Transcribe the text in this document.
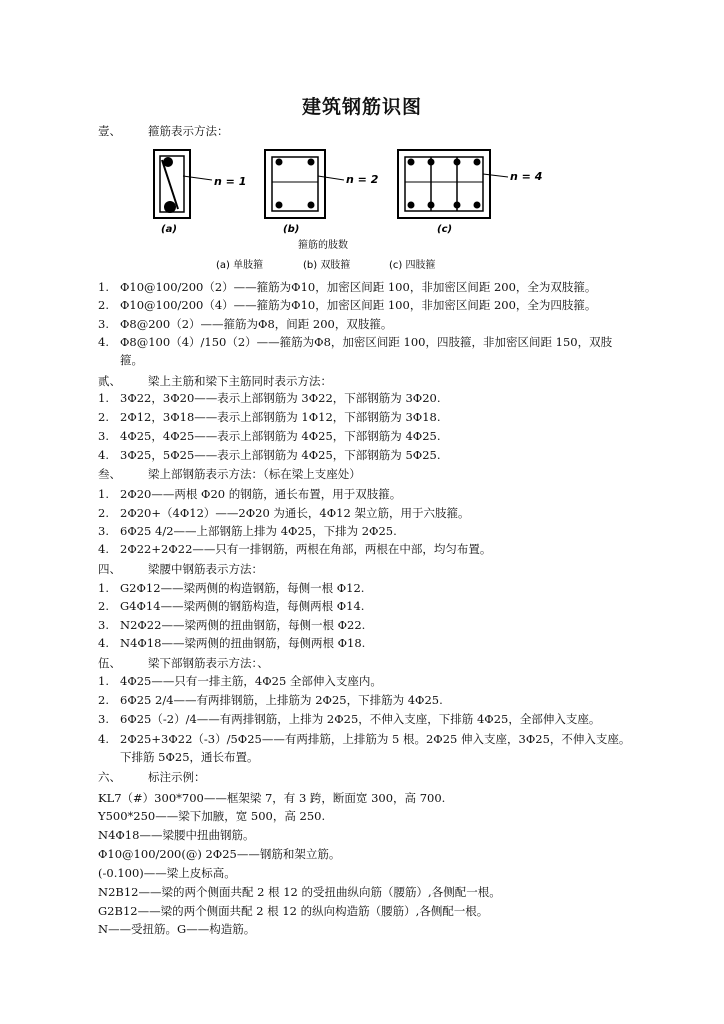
建筑钢筋识图
n = 1	n = 2	n = 4
(a)	(b)	(c)
箍筋的肢数
(a) 单肢箍	(b) 双肢箍	(c) 四肢箍
壹、 箍筋表示方法：
1. Φ10@100/200（2）——箍筋为Φ10，加密区间距 100，非加密区间距 200，全为双肢箍。
2. Φ10@100/200（4）——箍筋为Φ10，加密区间距 100，非加密区间距 200，全为四肢箍。
3. Φ8@200（2）——箍筋为Φ8，间距 200，双肢箍。
4. Φ8@100（4）/150（2）——箍筋为Φ8，加密区间距 100，四肢箍，非加密区间距 150，双肢
箍。
贰、 梁上主筋和梁下主筋同时表示方法：
1. 3Φ22，3Φ20——表示上部钢筋为 3Φ22，下部钢筋为 3Φ20.
2. 2Φ12，3Φ18——表示上部钢筋为 1Φ12，下部钢筋为 3Φ18.
3. 4Φ25，4Φ25——表示上部钢筋为 4Φ25，下部钢筋为 4Φ25.
4. 3Φ25，5Φ25——表示上部钢筋为 4Φ25，下部钢筋为 5Φ25.
叁、 梁上部钢筋表示方法：（标在梁上支座处）
1. 2Φ20——两根 Φ20 的钢筋，通长布置，用于双肢箍。
2. 2Φ20+（4Φ12）——2Φ20 为通长，4Φ12 架立筋，用于六肢箍。
3. 6Φ25 4/2——上部钢筋上排为 4Φ25，下排为 2Φ25.
4. 2Φ22+2Φ22——只有一排钢筋，两根在角部，两根在中部，均匀布置。
四、 梁腰中钢筋表示方法：
1. G2Φ12——梁两侧的构造钢筋，每侧一根 Φ12.
2. G4Φ14——梁两侧的钢筋构造，每侧两根 Φ14.
3. N2Φ22——梁两侧的扭曲钢筋，每侧一根 Φ22.
4. N4Φ18——梁两侧的扭曲钢筋，每侧两根 Φ18.
伍、 梁下部钢筋表示方法：、
1. 4Φ25——只有一排主筋，4Φ25 全部伸入支座内。
2. 6Φ25 2/4——有两排钢筋，上排筋为 2Φ25，下排筋为 4Φ25.
3. 6Φ25（-2）/4——有两排钢筋，上排为 2Φ25，不伸入支座，下排筋 4Φ25，全部伸入支座。
4. 2Φ25+3Φ22（-3）/5Φ25——有两排筋，上排筋为 5 根。2Φ25 伸入支座，3Φ25，不伸入支座。
下排筋 5Φ25，通长布置。
六、 标注示例：
KL7（#）300*700——框架梁 7，有 3 跨，断面宽 300，高 700.
Y500*250——梁下加腋，宽 500，高 250.
N4Φ18——梁腰中扭曲钢筋。
Φ10@100/200(@) 2Φ25——钢筋和架立筋。
(-0.100)——梁上皮标高。
N2B12——梁的两个侧面共配 2 根 12 的受扭曲纵向筋（腰筋）,各侧配一根。
G2B12——梁的两个侧面共配 2 根 12 的纵向构造筋（腰筋）,各侧配一根。
N——受扭筋。G——构造筋。
